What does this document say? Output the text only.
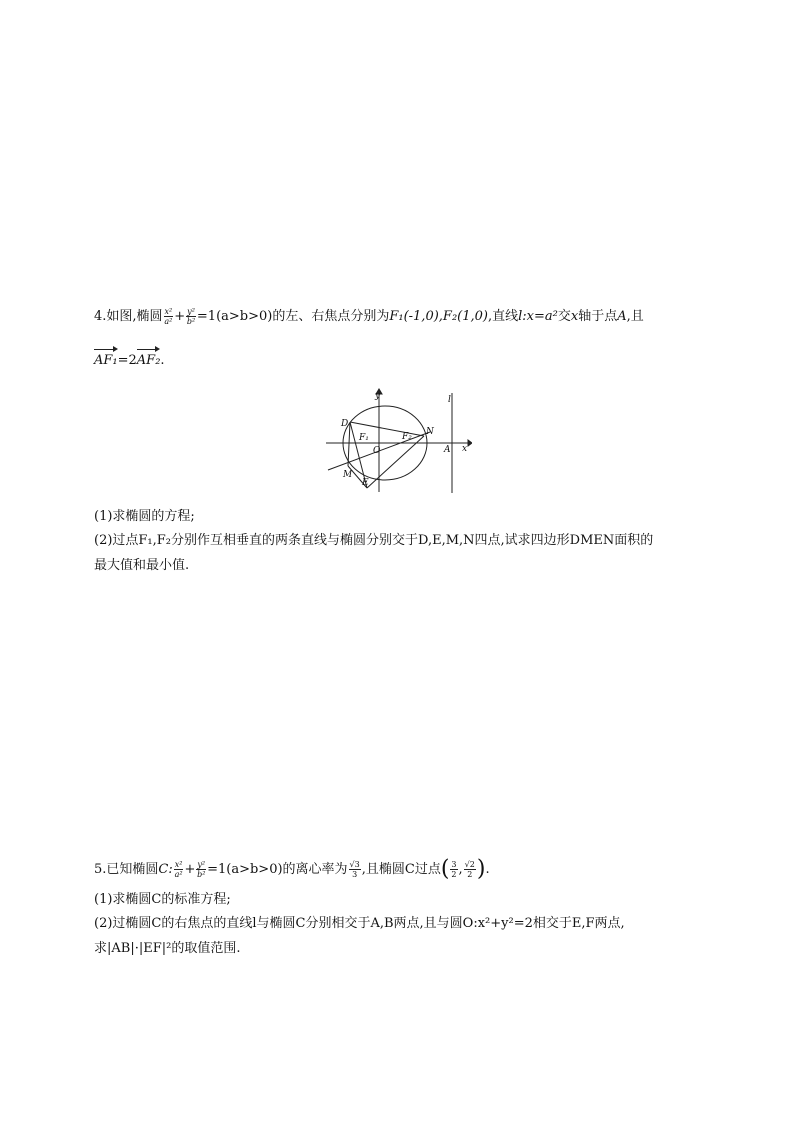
4.如图,椭圆 $\frac{\text{x²}}{\text{a²}} + \frac{\text{y²}}{\text{b²}} =1(a>b>0)$的左、右焦点分别为F₁(-1,0),F₂(1,0),直线l:x=a²交x轴于点A,且
AF₁=2AF₂.
y
x
O
D
F₁	F₂ N
A
M
E
l
(1)求椭圆的方程;
(2)过点F₁,F₂分别作互相垂直的两条直线与椭圆分别交于D,E,M,N四点,试求四边形DMEN面积的
最大值和最小值.
5.已知椭圆C: $\frac{\text{x²}}{\text{a²}} + \frac{\text{y²}}{\text{b²}} =1(a>b>0)$的离心率为 $\frac{√3}{3}$ ,且椭圆C过点( $\frac{3}{2}$ , $\frac{√2}{2}$ ).
(1)求椭圆C的标准方程;
(2)过椭圆C的右焦点的直线l与椭圆C分别相交于A,B两点,且与圆O:x²+y²=2相交于E,F两点,
求|AB|·|EF|²的取值范围.
